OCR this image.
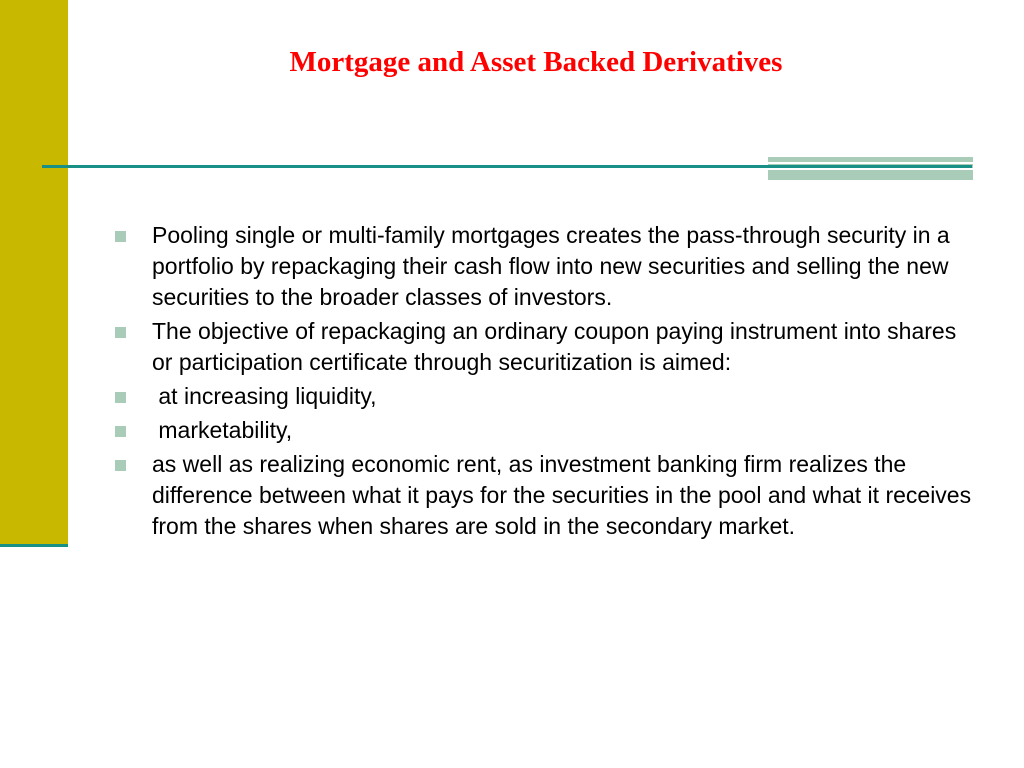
Mortgage and Asset Backed Derivatives
Pooling single or multi-family mortgages creates the pass-through security in a portfolio by repackaging their cash flow into new securities and selling the new securities to the broader classes of investors.
The objective of repackaging an ordinary coupon paying instrument into shares or participation certificate through securitization is aimed:
at increasing liquidity,
marketability,
as well as realizing economic rent, as investment banking firm realizes the difference between what it pays for the securities in the pool and what it receives from the shares when shares are sold in the secondary market.
